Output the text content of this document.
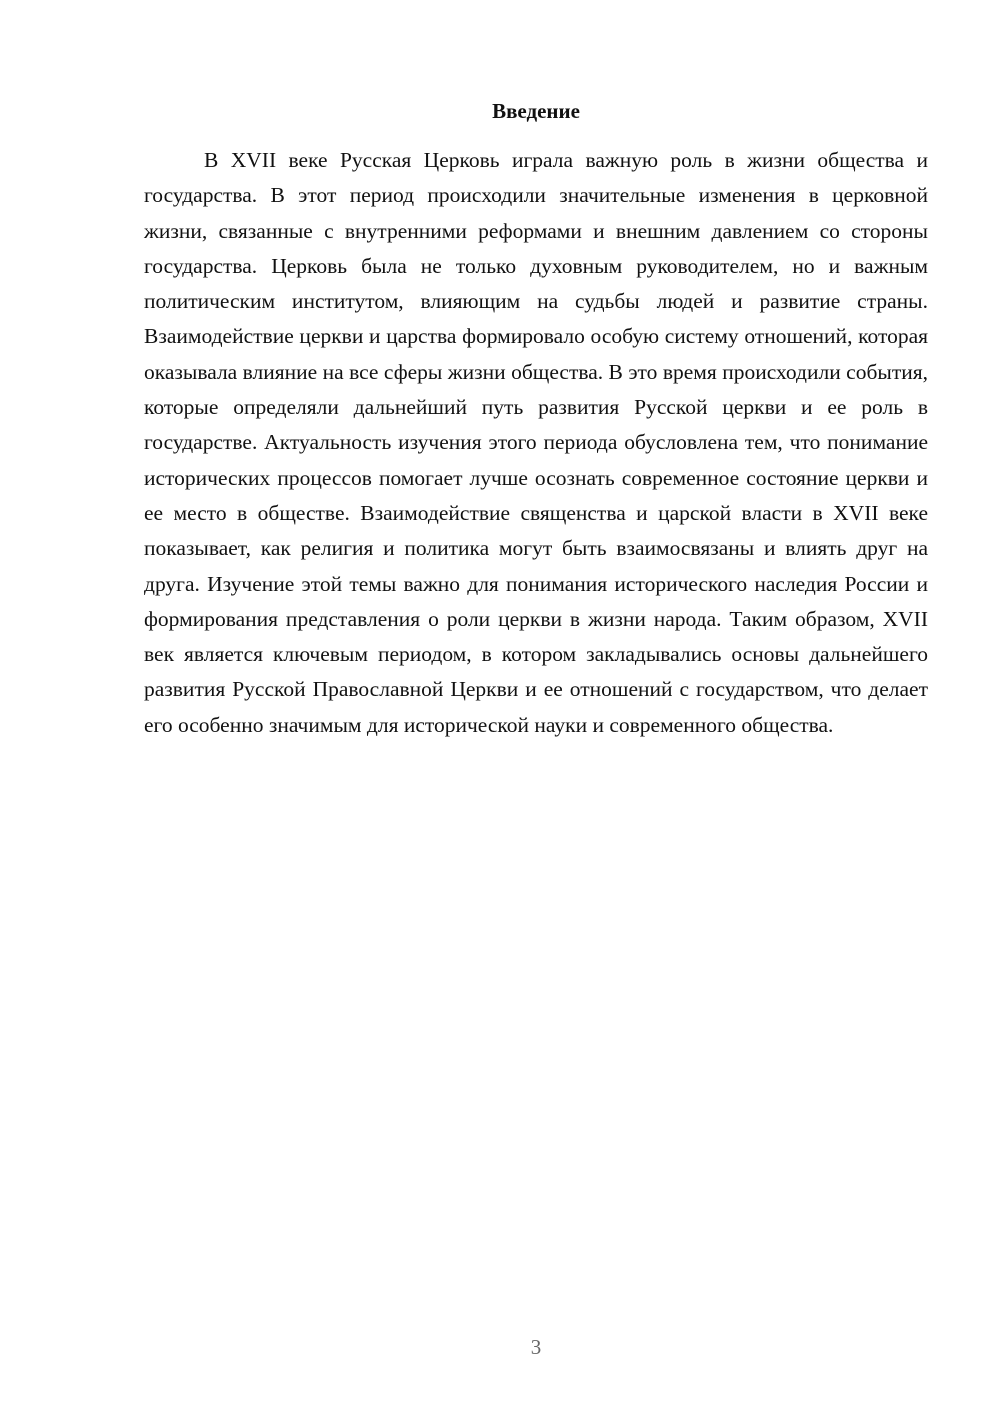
Введение

В XVII веке Русская Церковь играла важную роль в жизни общества и государства. В этот период происходили значительные изменения в церковной жизни, связанные с внутренними реформами и внешним давлением со стороны государства. Церковь была не только духовным руководителем, но и важным политическим институтом, влияющим на судьбы людей и развитие страны. Взаимодействие церкви и царства формировало особую систему отношений, которая оказывала влияние на все сферы жизни общества. В это время происходили события, которые определяли дальнейший путь развития Русской церкви и ее роль в государстве. Актуальность изучения этого периода обусловлена тем, что понимание исторических процессов помогает лучше осознать современное состояние церкви и ее место в обществе. Взаимодействие священства и царской власти в XVII веке показывает, как религия и политика могут быть взаимосвязаны и влиять друг на друга. Изучение этой темы важно для понимания исторического наследия России и формирования представления о роли церкви в жизни народа. Таким образом, XVII век является ключевым периодом, в котором закладывались основы дальнейшего развития Русской Православной Церкви и ее отношений с государством, что делает его особенно значимым для исторической науки и современного общества.

3
